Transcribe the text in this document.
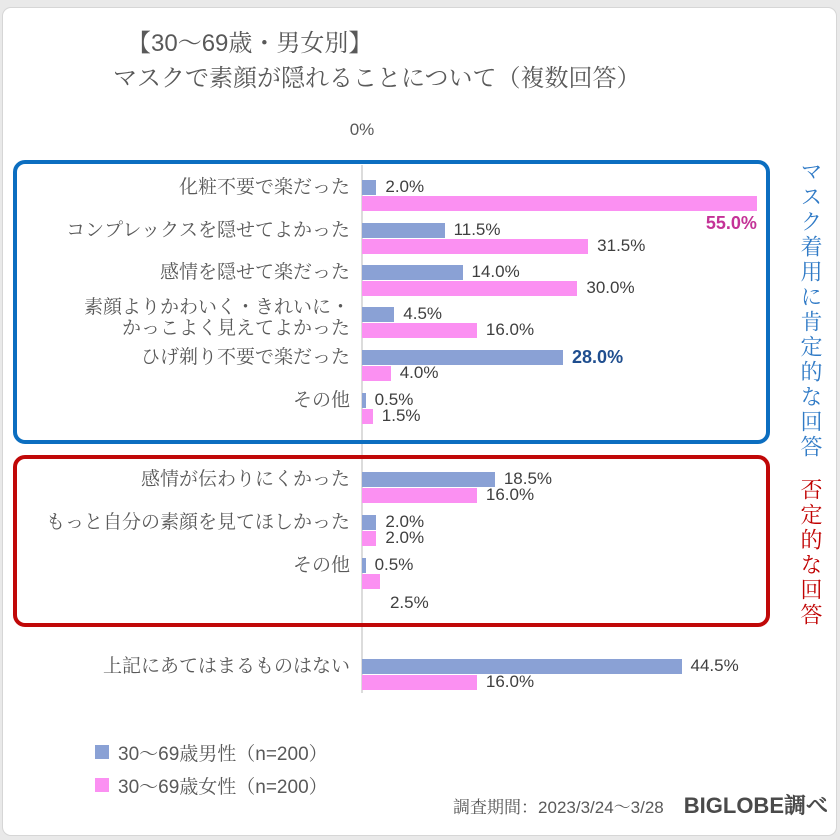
【30〜69歳・男女別】
マスクで素顔が隠れることについて（複数回答）
0%
マスク着用に肯定的な回答
否定的な回答
化粧不要で楽だった 2.0%
55.0%
コンプレックスを隠せてよかった	11.5%
31.5%
感情を隠せて楽だった	14.0%
30.0%
素顔よりかわいく・きれいに・
かっこよく見えてよかった
4.5%
16.0%
ひげ剃り不要で楽だった	28.0%
4.0%
その他 0.5%
1.5%
感情が伝わりにくかった	18.5%
16.0%
もっと自分の素顔を見てほしかった 2.0%
2.0%
その他 0.5%
2.5%
上記にあてはまるものはない	44.5%
16.0%
30〜69歳男性（n=200）
30〜69歳女性（n=200）
調査期間：2023/3/24〜3/28 BIGLOBE調べ
